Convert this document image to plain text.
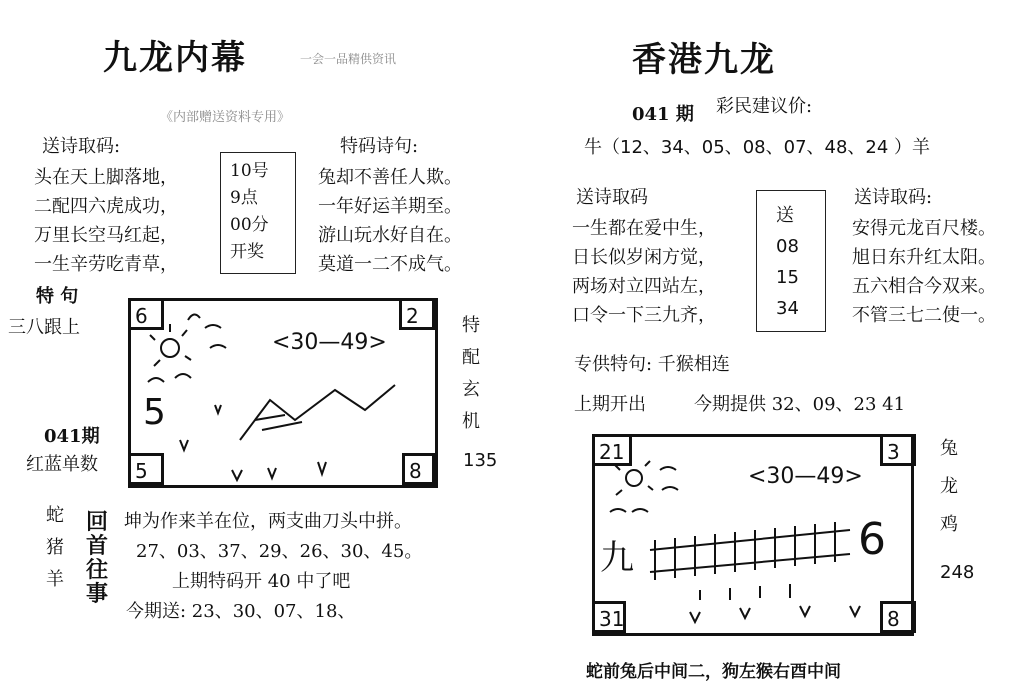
九龙内幕	一会一品精供资讯
《内部赠送资料专用》
送诗取码:
头在天上脚落地，
二配四六虎成功，
万里长空马红起，
一生辛劳吃青草，
10号
9点
00分
开奖
特码诗句:
兔却不善任人欺。
一年好运羊期至。
游山玩水好自在。
莫道一二不成气。
特 句
三八跟上
041期
红蓝单数
6	2
5	8
<30—49>
5
特
配
玄
机
135
蛇
猪
羊
回
首
往
事
坤为作来羊在位，两支曲刀头中拼。
27、03、37、29、26、30、45。
上期特码开 40 中了吧
今期送: 23、30、07、18、
香港九龙
041 期 彩民建议价:
牛（12、34、05、08、07、48、24 ）羊
送诗取码
一生都在爱中生，
日长似岁闲方觉，
两场对立四站左，
口令一下三九齐，
送
08
15
34
送诗取码:
安得元龙百尺楼。
旭日东升红太阳。
五六相合今双来。
不管三七二使一。
专供特句: 千猴相连
上期开出	今期提供 32、09、23 41
21	3
31	8
<30—49>
九	6
兔
龙
鸡
248
蛇前兔后中间二，狗左猴右酉中间
